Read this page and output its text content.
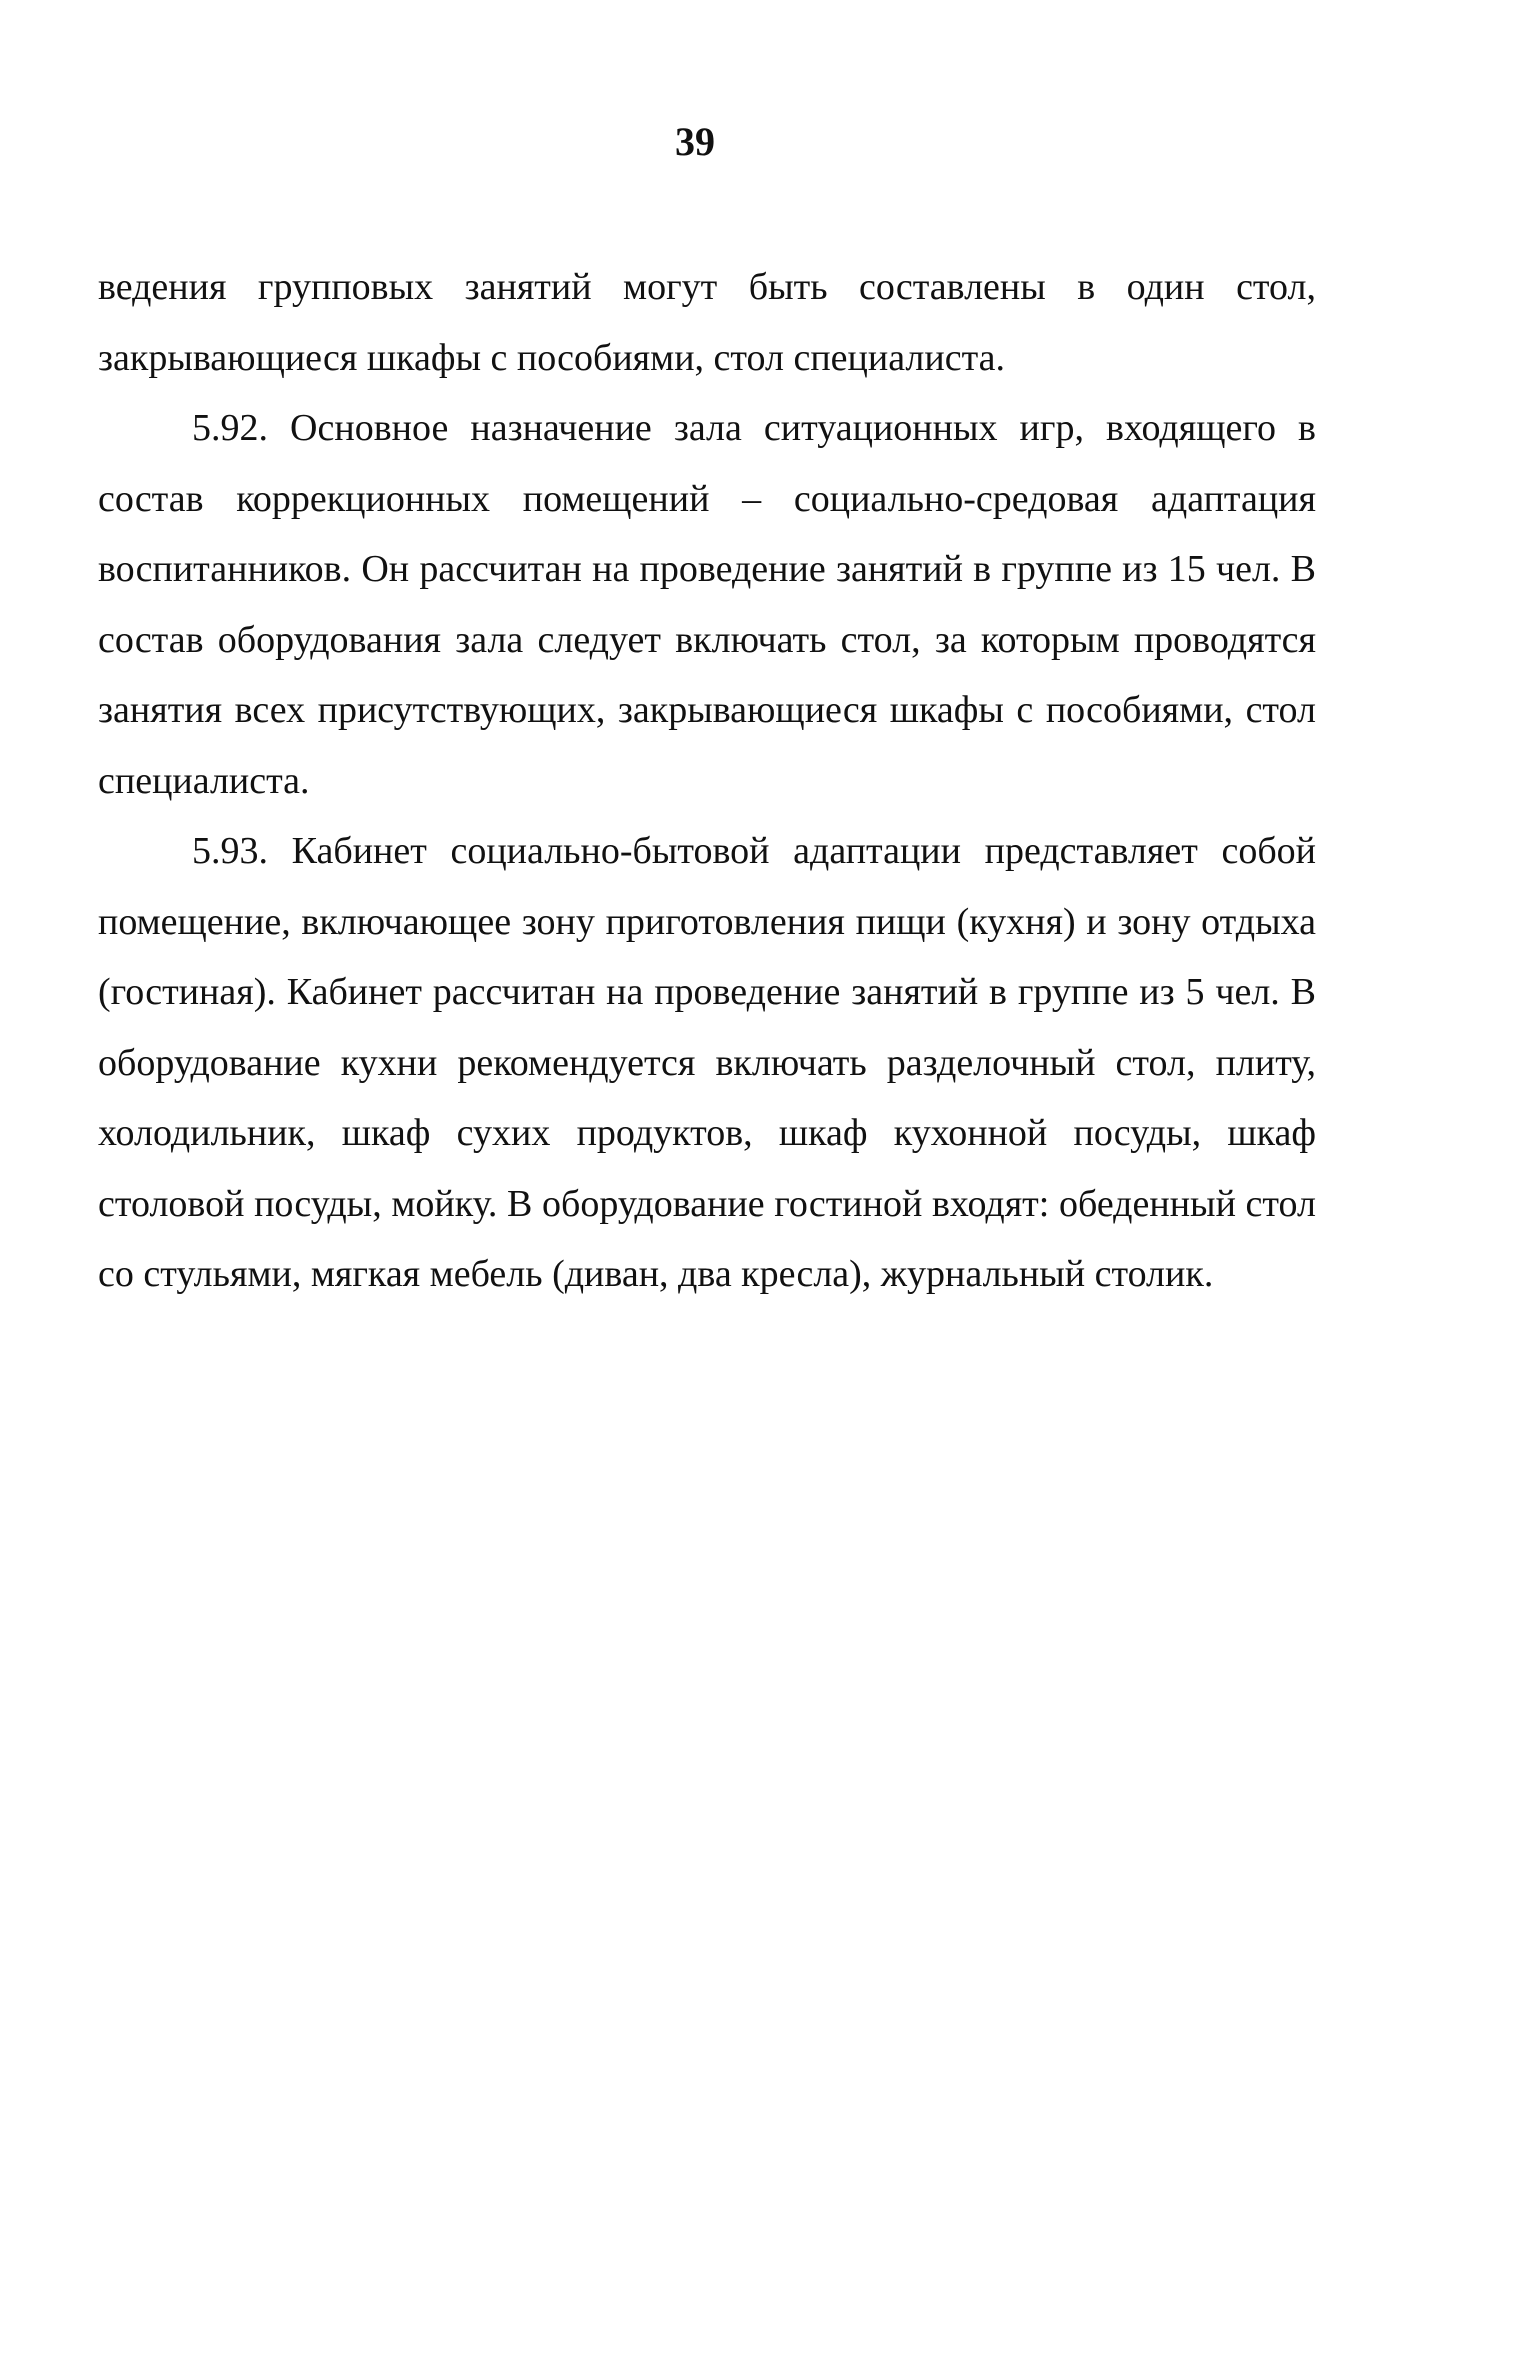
39

ведения групповых занятий могут быть составлены в один стол, закрывающиеся шкафы с пособиями, стол специалиста.

5.92. Основное назначение зала ситуационных игр, входящего в состав коррекционных помещений – социально-средовая адаптация воспитанников. Он рассчитан на проведение занятий в группе из 15 чел. В состав оборудования зала следует включать стол, за которым проводятся занятия всех присутствующих, закрывающиеся шкафы с пособиями, стол специалиста.

5.93. Кабинет социально-бытовой адаптации представляет собой помещение, включающее зону приготовления пищи (кухня) и зону отдыха (гостиная). Кабинет рассчитан на проведение занятий в группе из 5 чел. В оборудование кухни рекомендуется включать разделочный стол, плиту, холодильник, шкаф сухих продуктов, шкаф кухонной посуды, шкаф столовой посуды, мойку. В оборудование гостиной входят: обеденный стол со стульями, мягкая мебель (диван, два кресла), журнальный столик.
